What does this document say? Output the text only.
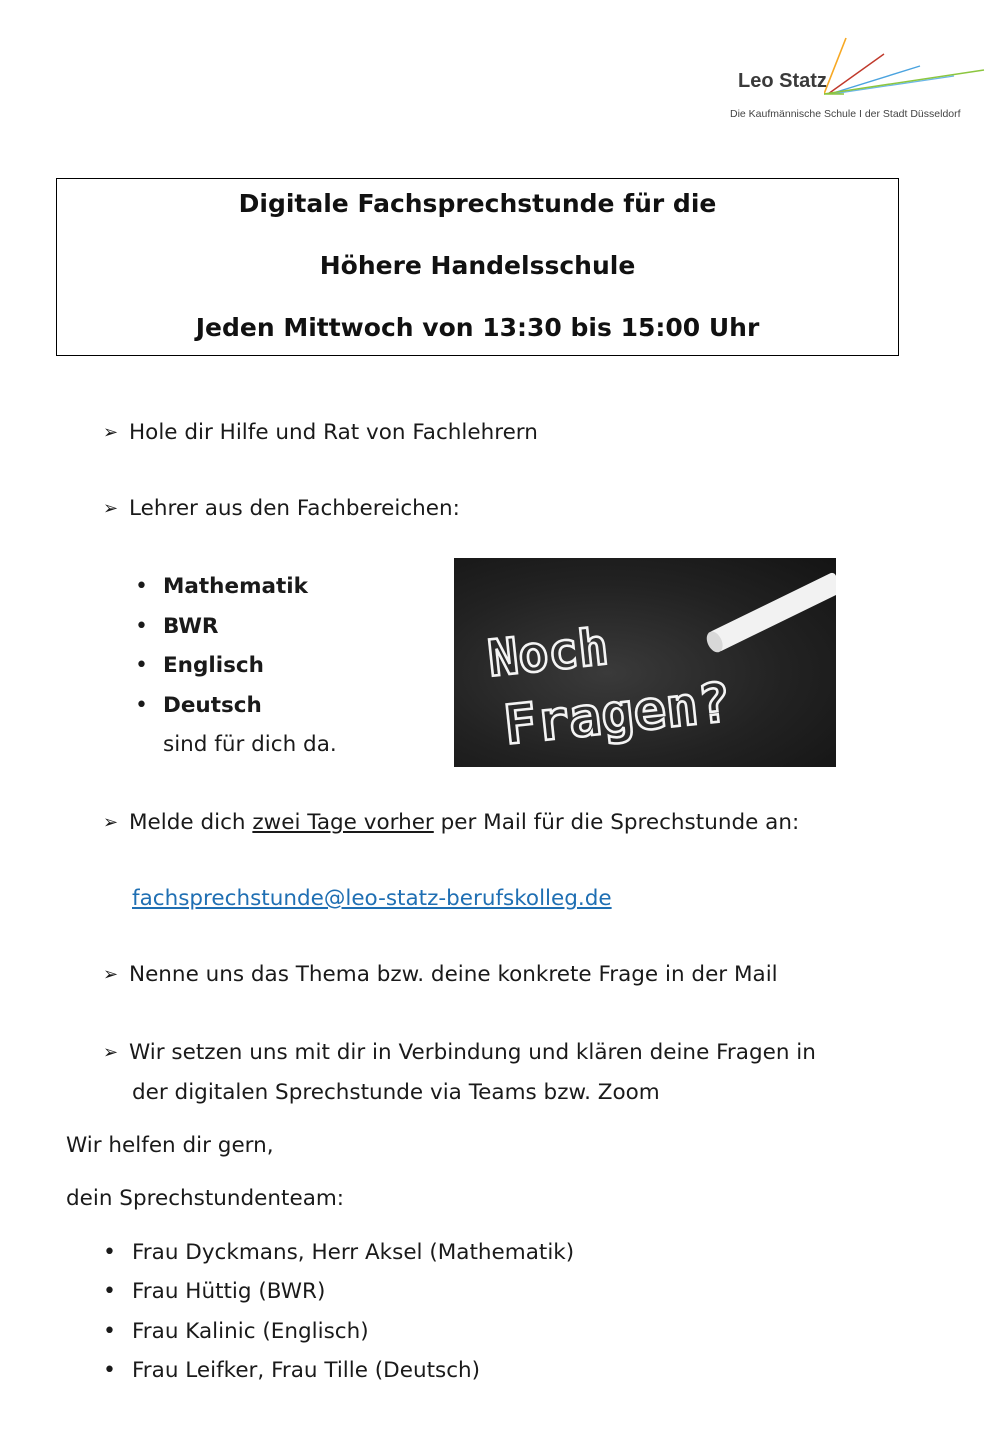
Leo Statz
Die Kaufmännische Schule I der Stadt Düsseldorf
Digitale Fachsprechstunde für die
Höhere Handelsschule
Jeden Mittwoch von 13:30 bis 15:00 Uhr
➢ Hole dir Hilfe und Rat von Fachlehrern
➢ Lehrer aus den Fachbereichen:
• Mathematik
• BWR
• Englisch
• Deutsch
sind für dich da.
Noch
Fragen?
➢ Melde dich zwei Tage vorher per Mail für die Sprechstunde an:
fachsprechstunde@leo-statz-berufskolleg.de
➢ Nenne uns das Thema bzw. deine konkrete Frage in der Mail
➢ Wir setzen uns mit dir in Verbindung und klären deine Fragen in
der digitalen Sprechstunde via Teams bzw. Zoom
Wir helfen dir gern,
dein Sprechstundenteam:
• Frau Dyckmans, Herr Aksel (Mathematik)
• Frau Hüttig (BWR)
• Frau Kalinic (Englisch)
• Frau Leifker, Frau Tille (Deutsch)
